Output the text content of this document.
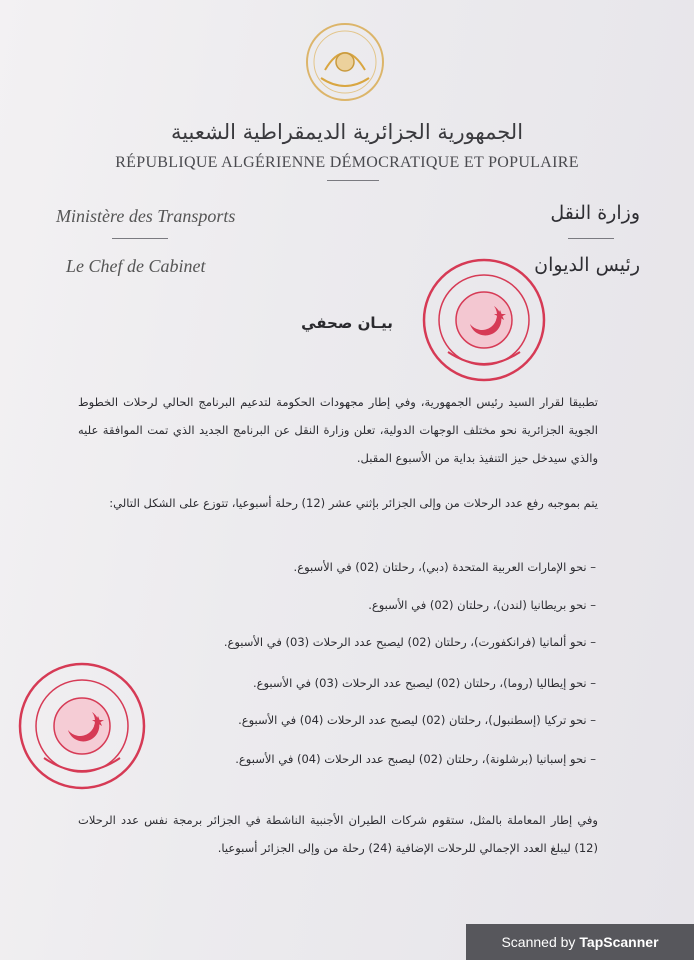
الجمهورية الجزائرية الديمقراطية الشعبية
RÉPUBLIQUE ALGÉRIENNE DÉMOCRATIQUE ET POPULAIRE
Ministère des Transports
Le Chef de Cabinet
وزارة النقل
رئيس الديوان
بيـان صحفي
تطبيقا لقرار السيد رئيس الجمهورية، وفي إطار مجهودات الحكومة لتدعيم البرنامج الحالي لرحلات الخطوط الجوية الجزائرية نحو مختلف الوجهات الدولية، تعلن وزارة النقل عن البرنامج الجديد الذي تمت الموافقة عليه والذي سيدخل حيز التنفيذ بداية من الأسبوع المقبل.
يتم بموجبه رفع عدد الرحلات من وإلى الجزائر بإثني عشر (12) رحلة أسبوعيا، تتوزع على الشكل التالي:
– نحو الإمارات العربية المتحدة (دبي)، رحلتان (02) في الأسبوع.
– نحو بريطانيا (لندن)، رحلتان (02) في الأسبوع.
– نحو ألمانيا (فرانكفورت)، رحلتان (02) ليصبح عدد الرحلات (03) في الأسبوع.
– نحو إيطاليا (روما)، رحلتان (02) ليصبح عدد الرحلات (03) في الأسبوع.
– نحو تركيا (إسطنبول)، رحلتان (02) ليصبح عدد الرحلات (04) في الأسبوع.
– نحو إسبانيا (برشلونة)، رحلتان (02) ليصبح عدد الرحلات (04) في الأسبوع.
وفي إطار المعاملة بالمثل، ستقوم شركات الطيران الأجنبية الناشطة في الجزائر برمجة نفس عدد الرحلات (12) ليبلغ العدد الإجمالي للرحلات الإضافية (24) رحلة من وإلى الجزائر أسبوعيا.
Scanned by TapScanner
